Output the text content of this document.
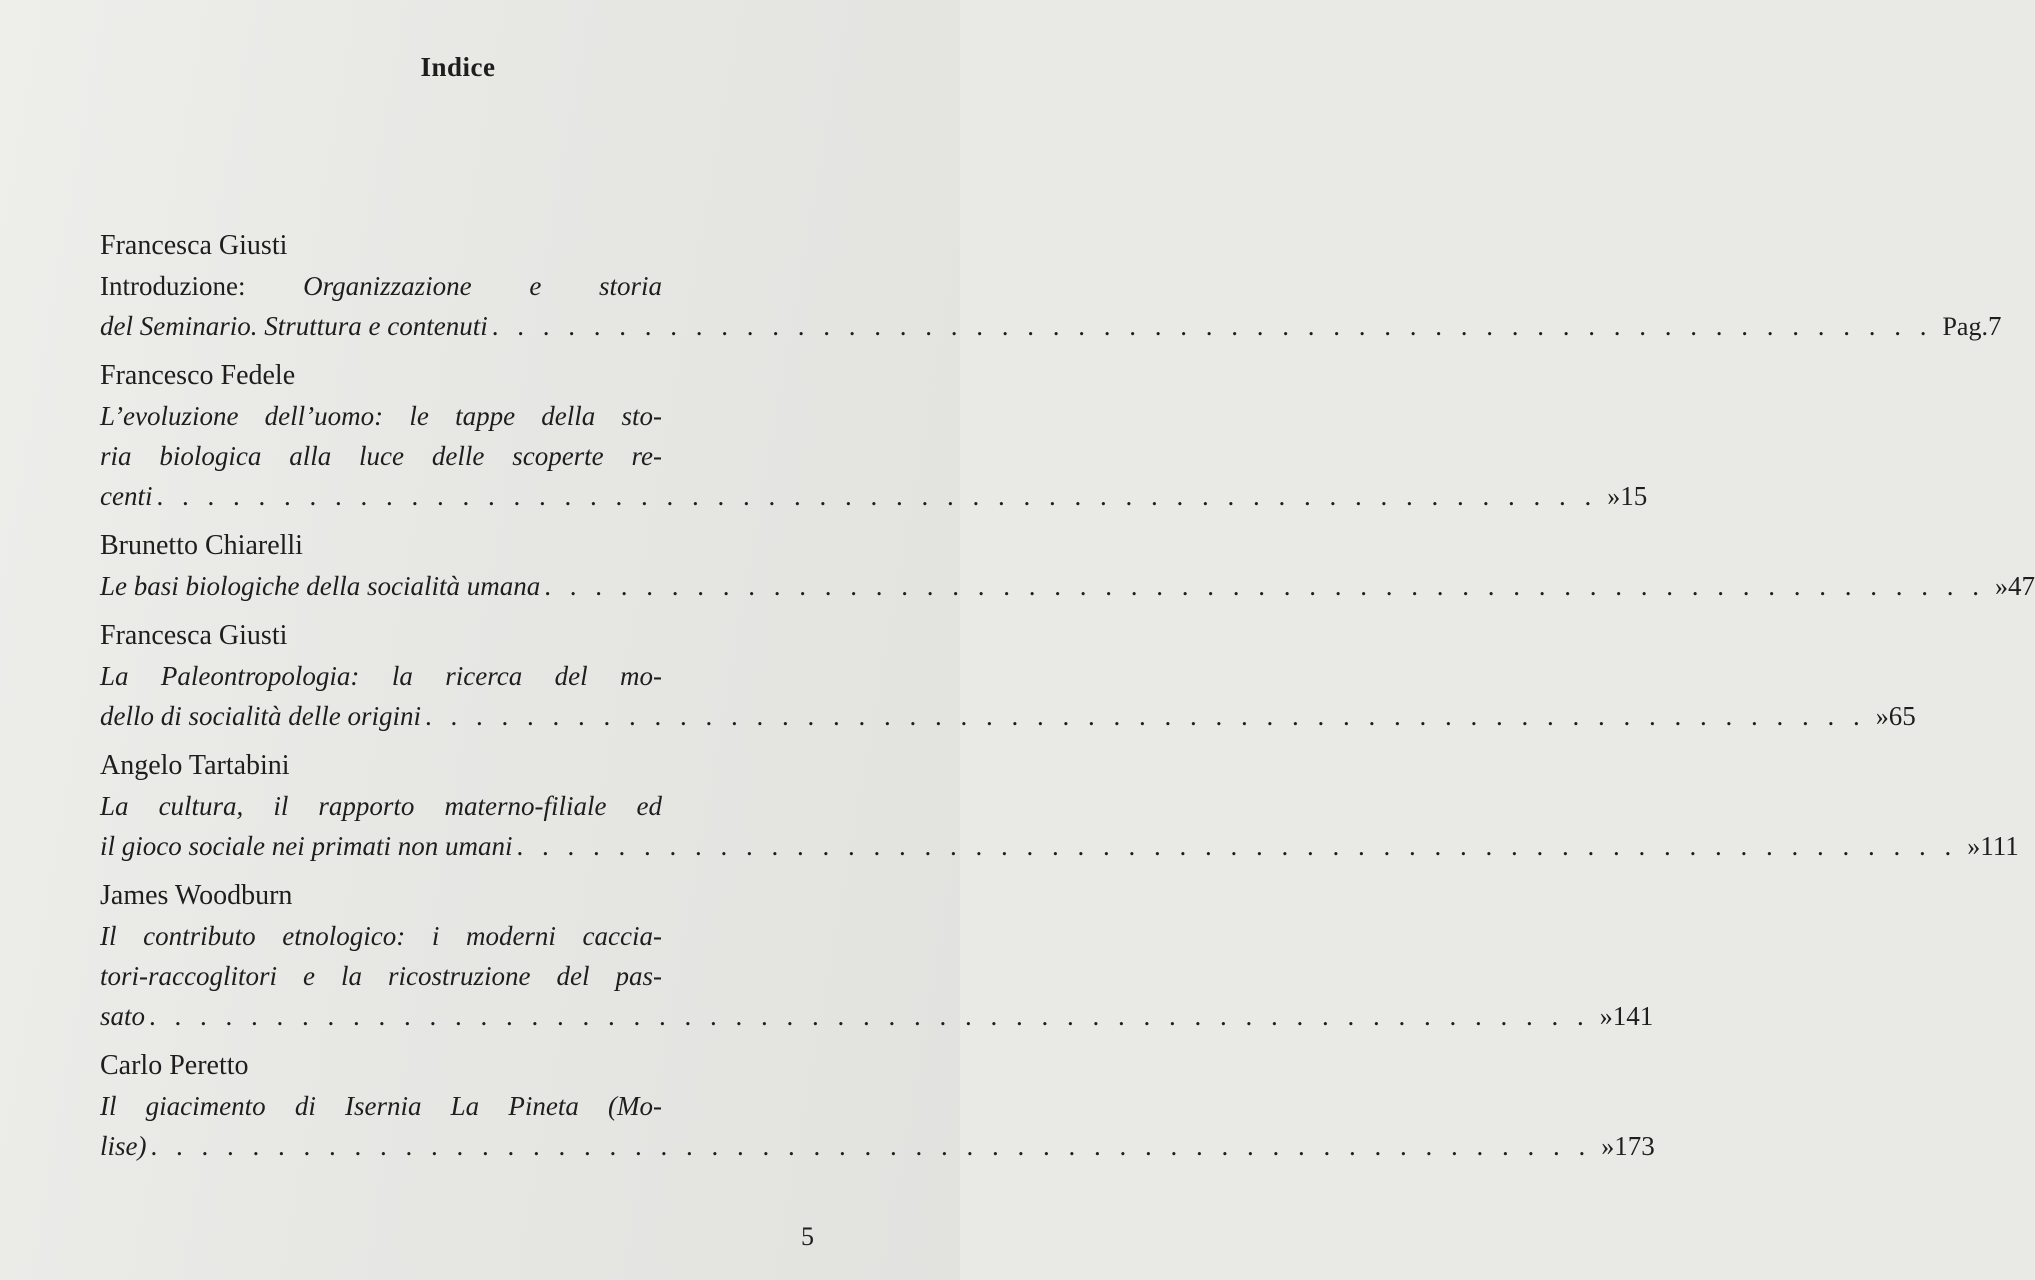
Indice
Francesca Giusti
Introduzione: Organizzazione e storia
del Seminario. Struttura e contenuti . . . . . . . . . . . . . . . . . . . . . . . . . . . . . . . . . . . . . . . . . . . . . . . . . . . . . . . . . Pag. 7
Francesco Fedele
L’evoluzione dell’uomo: le tappe della sto-
ria biologica alla luce delle scoperte re-
centi . . . . . . . . . . . . . . . . . . . . . . . . . . . . . . . . . . . . . . . . . . . . . . . . . . . . . . . . . » 15
Brunetto Chiarelli
Le basi biologiche della socialità umana . . . . . . . . . . . . . . . . . . . . . . . . . . . . . . . . . . . . . . . . . . . . . . . . . . . . . . . . . » 47
Francesca Giusti
La Paleontropologia: la ricerca del mo-
dello di socialità delle origini . . . . . . . . . . . . . . . . . . . . . . . . . . . . . . . . . . . . . . . . . . . . . . . . . . . . . . . . . » 65
Angelo Tartabini
La cultura, il rapporto materno-filiale ed
il gioco sociale nei primati non umani . . . . . . . . . . . . . . . . . . . . . . . . . . . . . . . . . . . . . . . . . . . . . . . . . . . . . . . . . » 111
James Woodburn
Il contributo etnologico: i moderni caccia-
tori-raccoglitori e la ricostruzione del pas-
sato . . . . . . . . . . . . . . . . . . . . . . . . . . . . . . . . . . . . . . . . . . . . . . . . . . . . . . . . . » 141
Carlo Peretto
Il giacimento di Isernia La Pineta (Mo-
lise) . . . . . . . . . . . . . . . . . . . . . . . . . . . . . . . . . . . . . . . . . . . . . . . . . . . . . . . . . » 173
5
